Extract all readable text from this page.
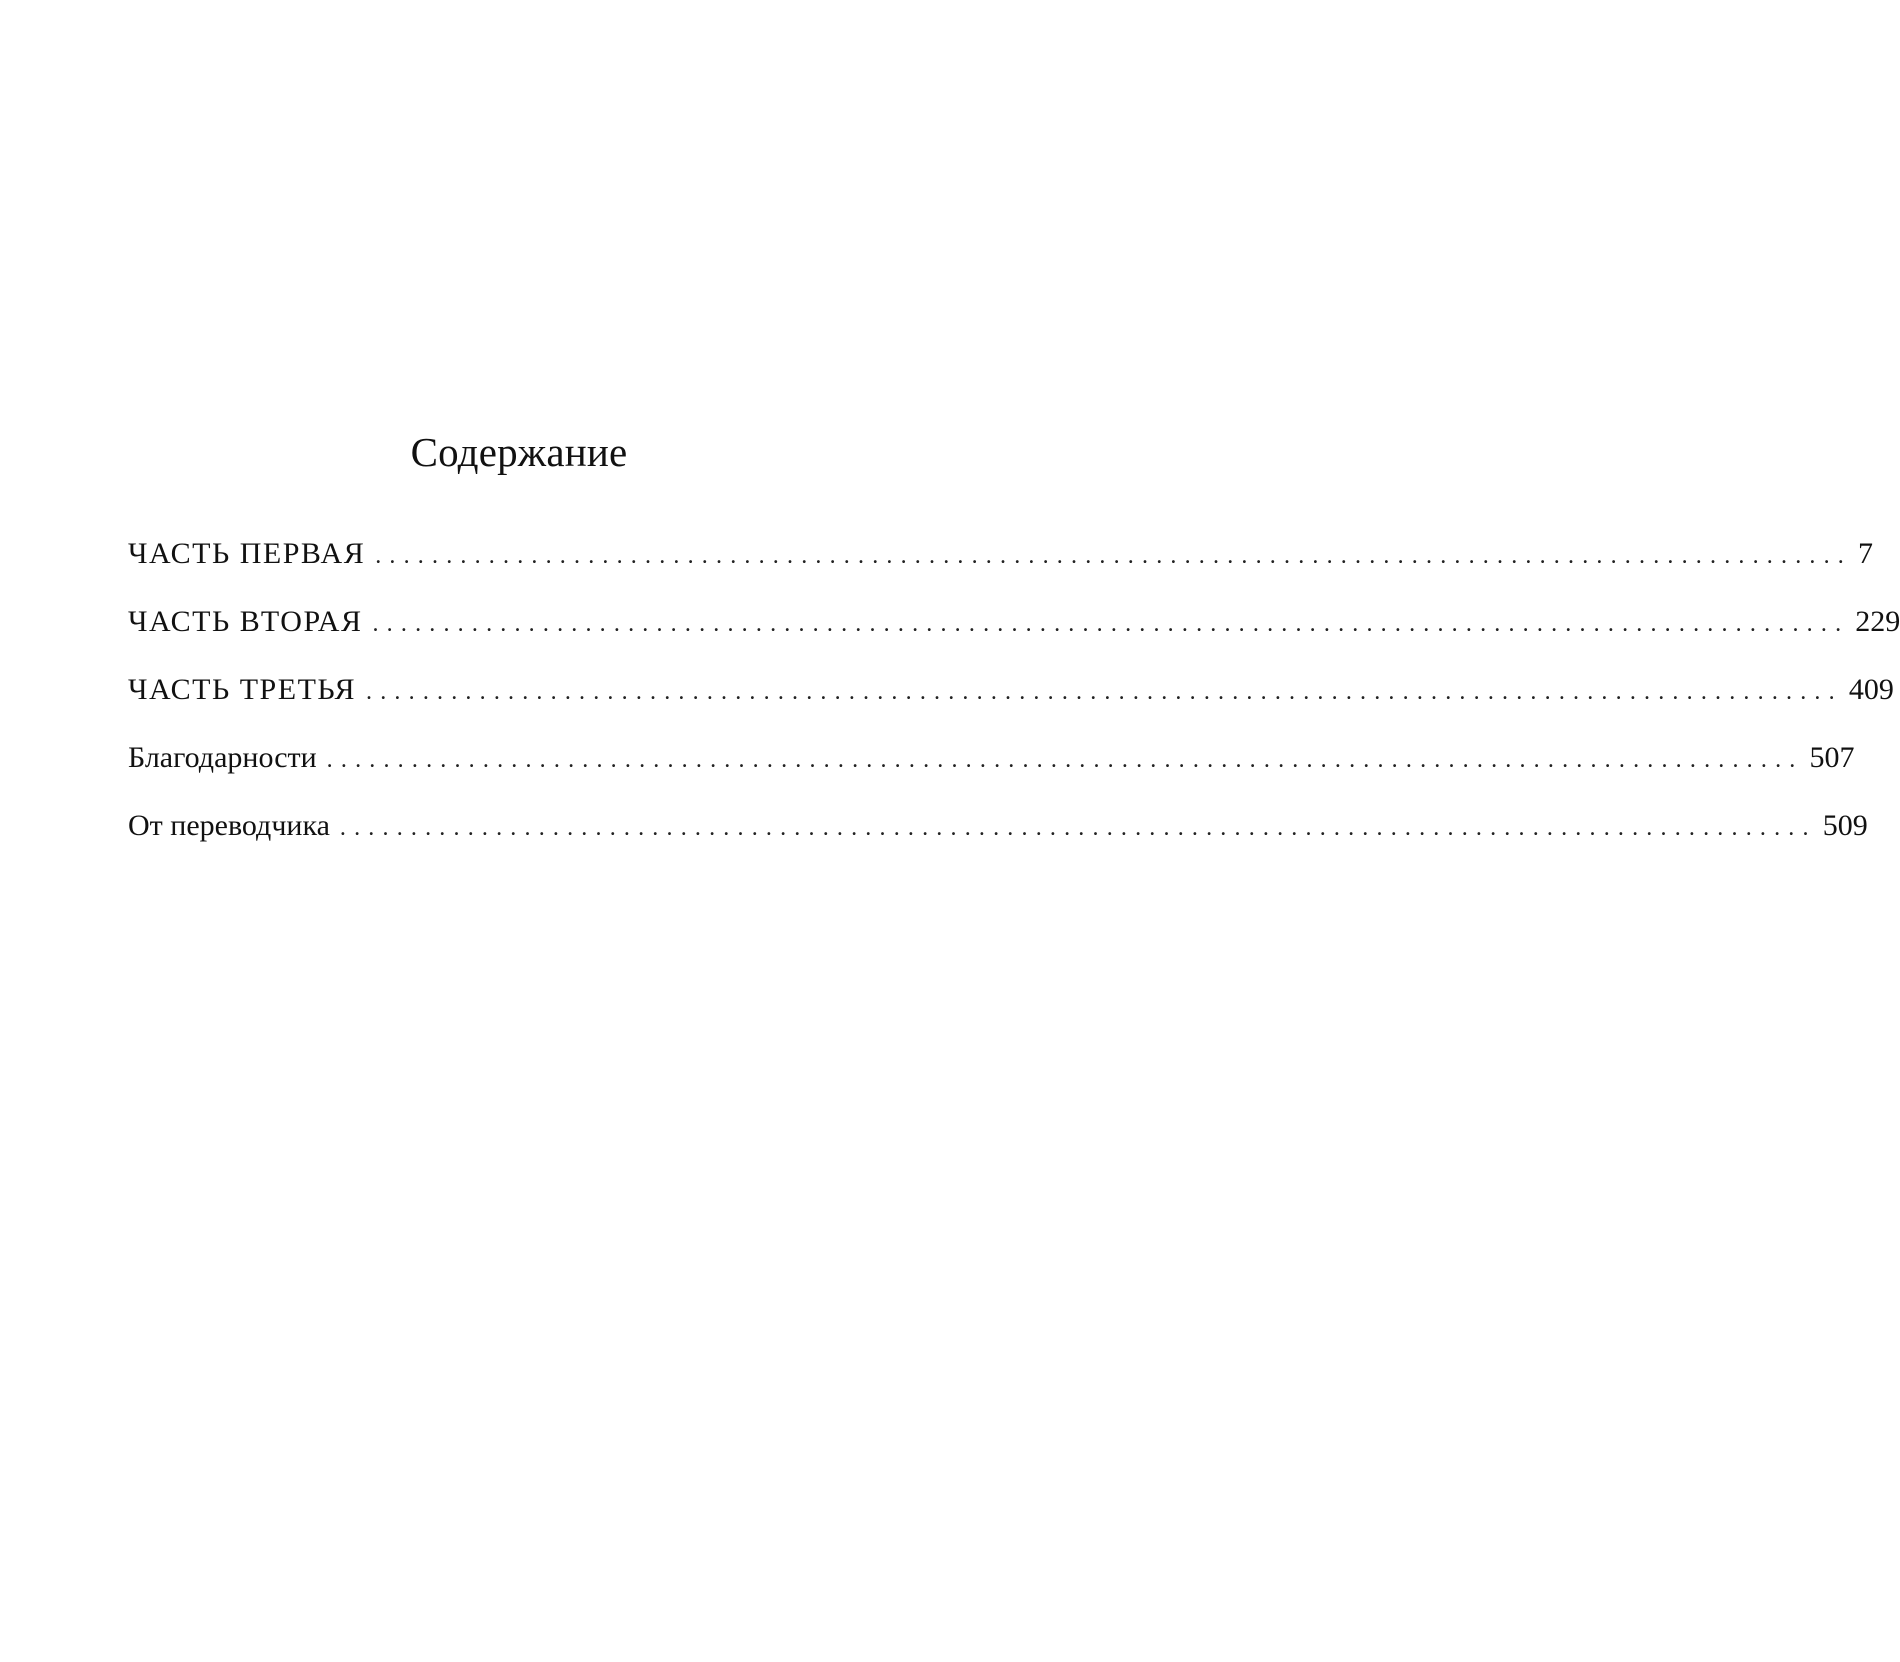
Содержание
ЧАСТЬ ПЕРВАЯ ........................................................................................................ 7
ЧАСТЬ ВТОРАЯ ........................................................................................................ 229
ЧАСТЬ ТРЕТЬЯ ........................................................................................................ 409
Благодарности ........................................................................................................ 507
От переводчика ........................................................................................................ 509
